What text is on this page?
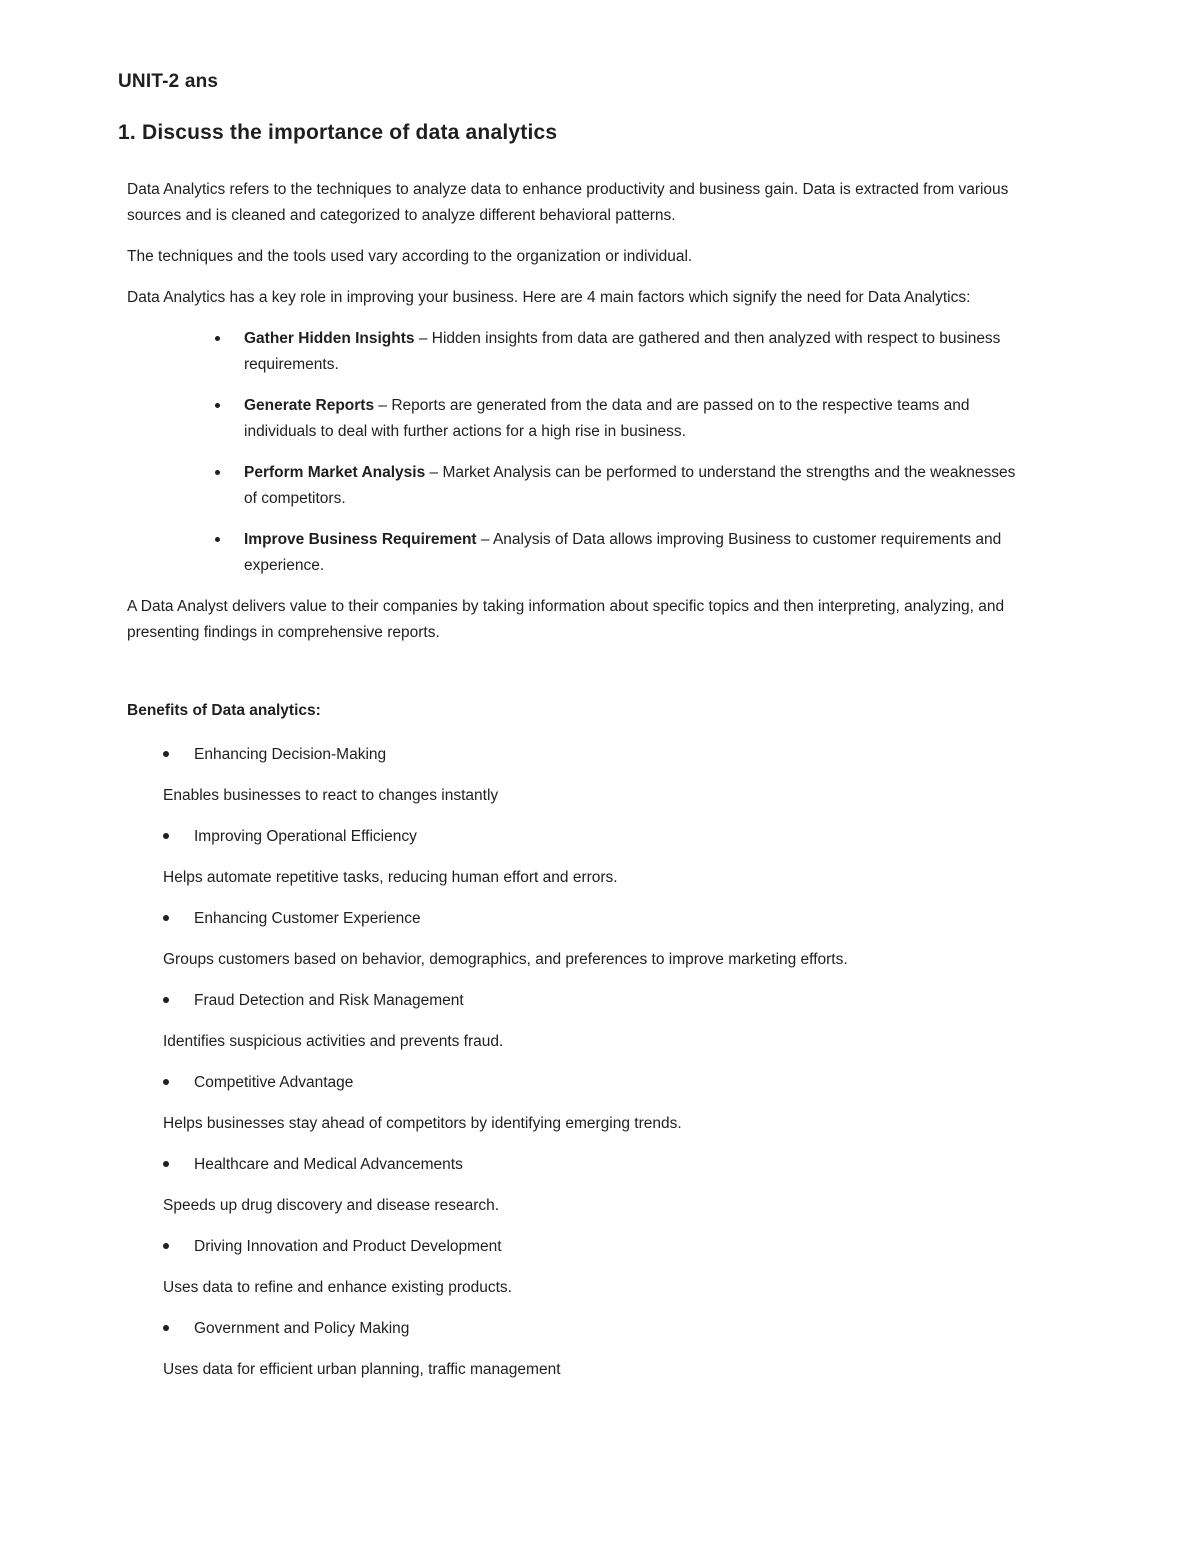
UNIT-2 ans
1. Discuss the importance of data analytics

Data Analytics refers to the techniques to analyze data to enhance productivity and business gain. Data is extracted from various sources and is cleaned and categorized to analyze different behavioral patterns.

The techniques and the tools used vary according to the organization or individual.

Data Analytics has a key role in improving your business. Here are 4 main factors which signify the need for Data Analytics:

Gather Hidden Insights – Hidden insights from data are gathered and then analyzed with respect to business requirements.
Generate Reports – Reports are generated from the data and are passed on to the respective teams and individuals to deal with further actions for a high rise in business.
Perform Market Analysis – Market Analysis can be performed to understand the strengths and the weaknesses of competitors.
Improve Business Requirement – Analysis of Data allows improving Business to customer requirements and experience.

A Data Analyst delivers value to their companies by taking information about specific topics and then interpreting, analyzing, and presenting findings in comprehensive reports.

Benefits of Data analytics:

Enhancing Decision-Making

Enables businesses to react to changes instantly

Improving Operational Efficiency

Helps automate repetitive tasks, reducing human effort and errors.

Enhancing Customer Experience

Groups customers based on behavior, demographics, and preferences to improve marketing efforts.

Fraud Detection and Risk Management

Identifies suspicious activities and prevents fraud.

Competitive Advantage

Helps businesses stay ahead of competitors by identifying emerging trends.

Healthcare and Medical Advancements

Speeds up drug discovery and disease research.

Driving Innovation and Product Development

Uses data to refine and enhance existing products.

Government and Policy Making

Uses data for efficient urban planning, traffic management
